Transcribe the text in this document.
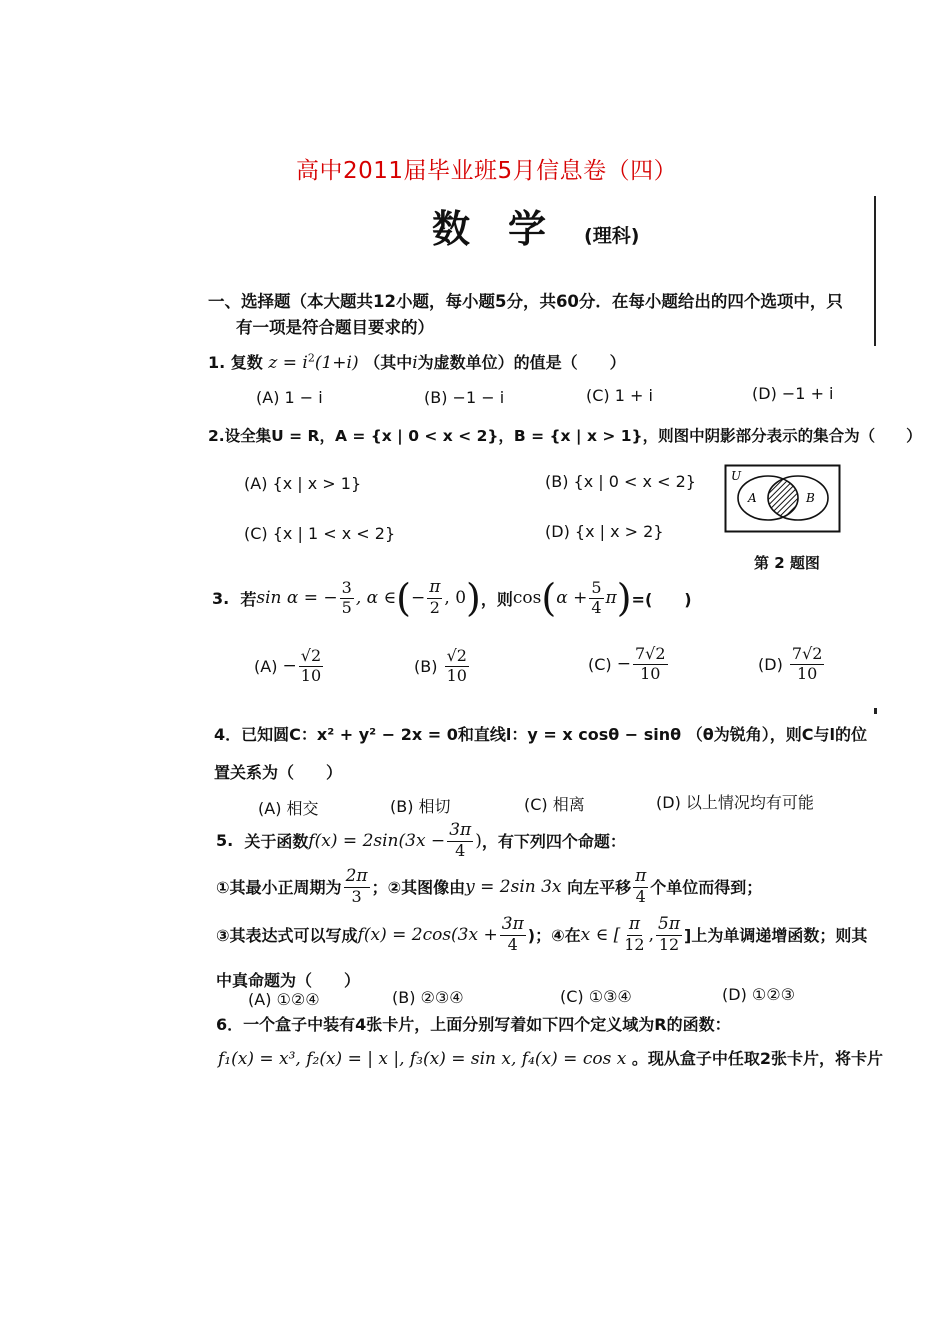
高中2011届毕业班5月信息卷（四）
数学(理科)
一、选择题（本大题共12小题，每小题5分，共60分．在每小题给出的四个选项中，只
有一项是符合题目要求的）
1. 复数 $z = i^2(1+i)$ （其中i为虚数单位）的值是（　　）
(A) 1 − i	(B) −1 − i	(C) 1 + i	(D) −1 + i
2.设全集U = R，A = {x | 0 < x < 2}，B = {x | x > 1}，则图中阴影部分表示的集合为（　　）
(A) {x | x > 1}	(B) {x | 0 < x < 2}
(C) {x | 1 < x < 2}	(D) {x | x > 2}
U
A	B
第 2 题图
3.
若 sin α = − $\frac{3}{5}$ , α ∈ ( − $\frac{\pi}{2}$ , 0 ) ，则 cos ( $\alpha + \frac{5}{4}$ π ) =(　　)
(A)
− $\frac{√2}{10}$	(B)
$\frac{√2}{10}$	(C)
− $\frac{7√2}{10}$	(D)
$\frac{7√2}{10}$
4．已知圆C：x² + y² − 2x = 0和直线l：y = x cosθ − sinθ （θ为锐角），则C与l的位
置关系为（　　）
(A) 相交	(B) 相切	(C) 相离	(D) 以上情况均有可能
5.
关于函数 $f(x) = 2\sin(3x - \frac{3\pi}{4}$ ) ，有下列四个命题：
①其最小正周期为 $\frac{2\pi}{3}$ ；②其图像由 y = 2sin 3x
向左平移 $\frac{\pi}{4}$ 个单位而得到；
③其表达式可以写成 $f(x) = 2\cos(3x + \frac{3\pi}{4}$ )；④在 x ∈ [ $\frac{\pi}{12}$ , $\frac{5\pi}{12}$ ]上为单调递增函数；则其
中真命题为（　　）
(A) ①②④	(B) ②③④	(C) ①③④	(D) ①②③
6．一个盒子中装有4张卡片，上面分别写着如下四个定义域为R的函数：
f₁(x) = x³, f₂(x) = | x |, f₃(x) = sin x, f₄(x) = cos x 。现从盒子中任取2张卡片，将卡片
